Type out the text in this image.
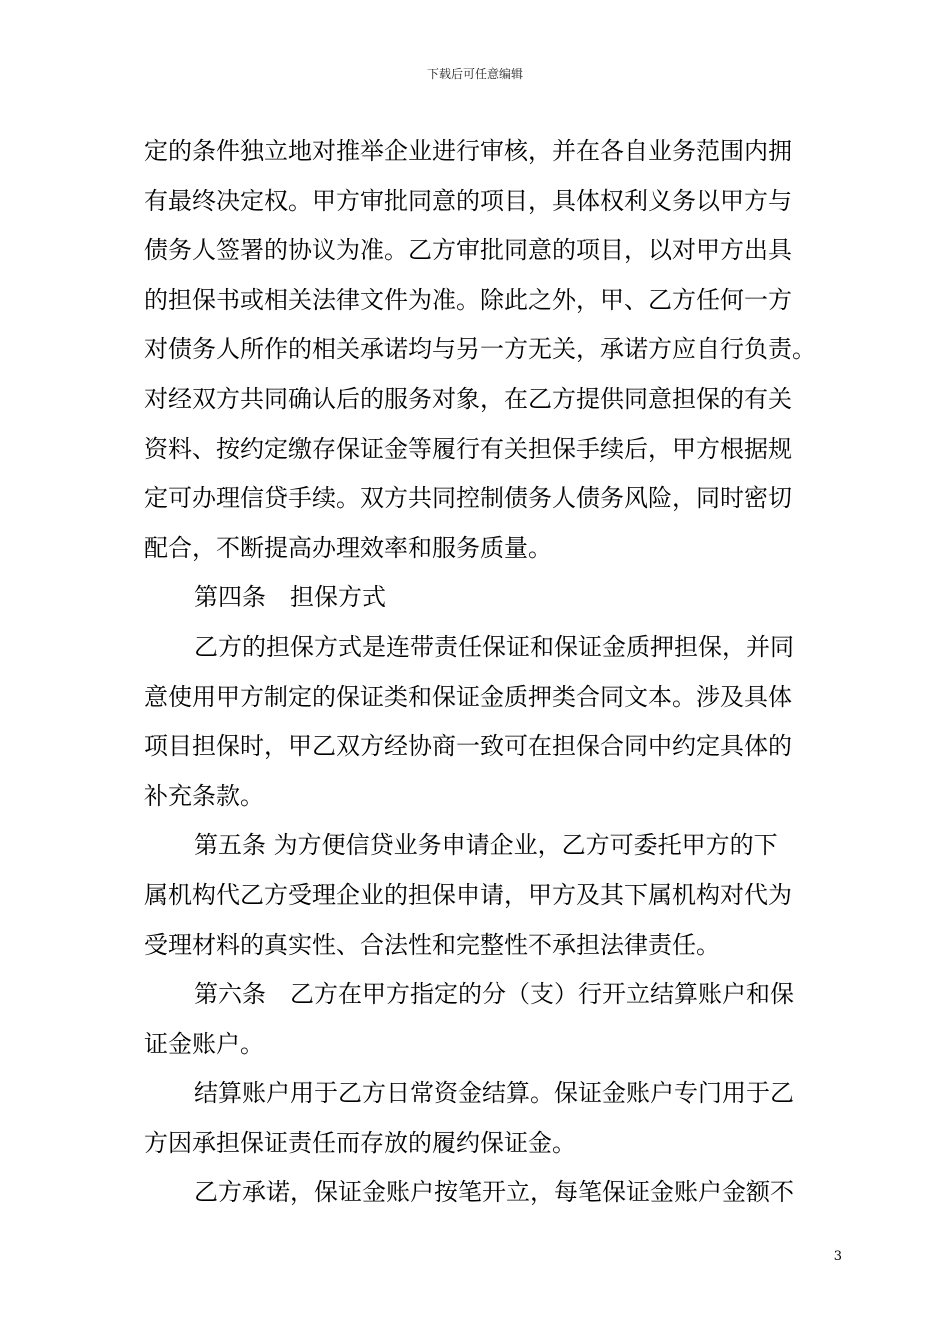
下载后可任意编辑
定的条件独立地对推举企业进行审核，并在各自业务范围内拥
有最终决定权。甲方审批同意的项目，具体权利义务以甲方与
债务人签署的协议为准。乙方审批同意的项目，以对甲方出具
的担保书或相关法律文件为准。除此之外，甲、乙方任何一方
对债务人所作的相关承诺均与另一方无关，承诺方应自行负责。
对经双方共同确认后的服务对象，在乙方提供同意担保的有关
资料、按约定缴存保证金等履行有关担保手续后，甲方根据规
定可办理信贷手续。双方共同控制债务人债务风险，同时密切
配合，不断提高办理效率和服务质量。
第四条　担保方式
乙方的担保方式是连带责任保证和保证金质押担保，并同
意使用甲方制定的保证类和保证金质押类合同文本。涉及具体
项目担保时，甲乙双方经协商一致可在担保合同中约定具体的
补充条款。
第五条 为方便信贷业务申请企业，乙方可委托甲方的下
属机构代乙方受理企业的担保申请，甲方及其下属机构对代为
受理材料的真实性、合法性和完整性不承担法律责任。
第六条　乙方在甲方指定的分（支）行开立结算账户和保
证金账户。
结算账户用于乙方日常资金结算。保证金账户专门用于乙
方因承担保证责任而存放的履约保证金。
乙方承诺，保证金账户按笔开立，每笔保证金账户金额不
3
